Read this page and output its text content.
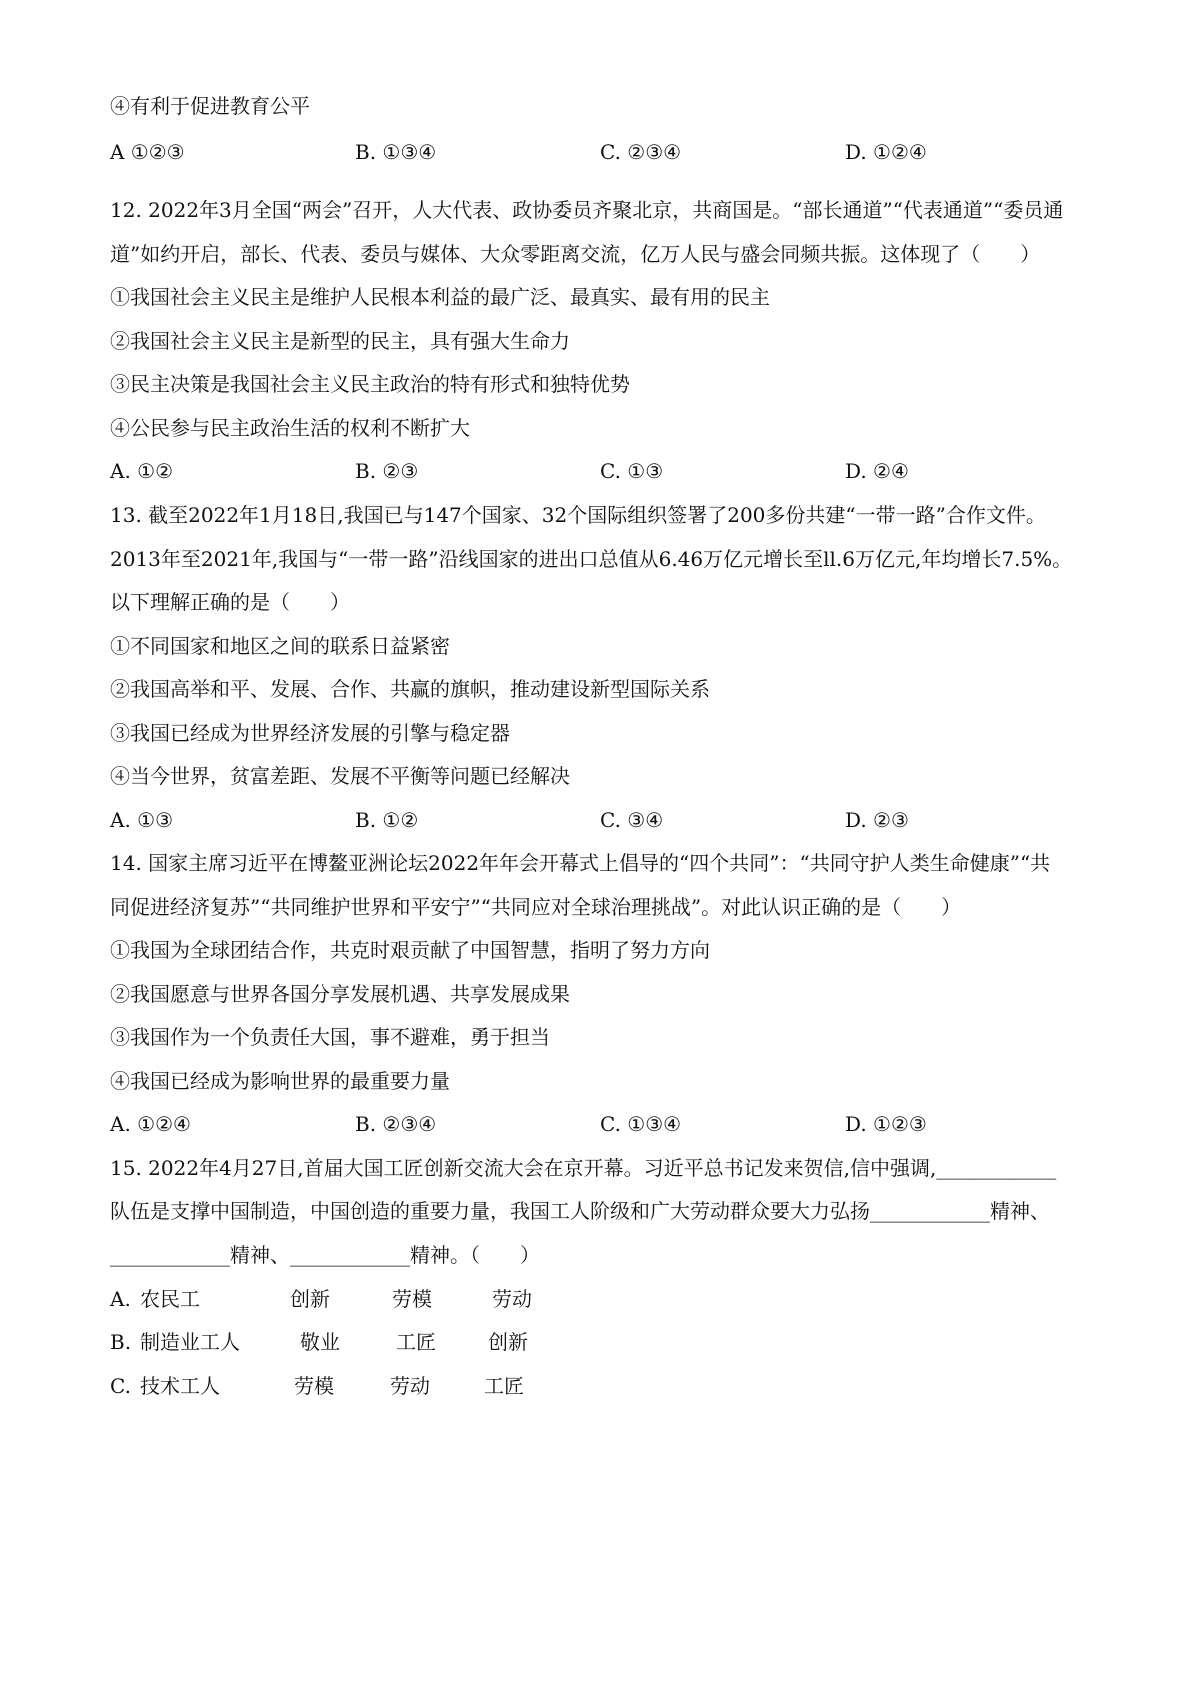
④有利于促进教育公平
A ①②③	B. ①③④	C. ②③④	D. ①②④
12. 2022年3月全国“两会”召开，人大代表、政协委员齐聚北京，共商国是。“部长通道”“代表通道”“委员通
道”如约开启，部长、代表、委员与媒体、大众零距离交流，亿万人民与盛会同频共振。这体现了（　　）
①我国社会主义民主是维护人民根本利益的最广泛、最真实、最有用的民主
②我国社会主义民主是新型的民主，具有强大生命力
③民主决策是我国社会主义民主政治的特有形式和独特优势
④公民参与民主政治生活的权利不断扩大
A. ①②	B. ②③	C. ①③	D. ②④
13. 截至2022年1月18日,我国已与147个国家、32个国际组织签署了200多份共建“一带一路”合作文件。
2013年至2021年,我国与“一带一路”沿线国家的进出口总值从6.46万亿元增长至ll.6万亿元,年均增长7.5%。
以下理解正确的是（　　）
①不同国家和地区之间的联系日益紧密
②我国高举和平、发展、合作、共赢的旗帜，推动建设新型国际关系
③我国已经成为世界经济发展的引擎与稳定器
④当今世界，贫富差距、发展不平衡等问题已经解决
A. ①③	B. ①②	C. ③④	D. ②③
14. 国家主席习近平在博鳌亚洲论坛2022年年会开幕式上倡导的“四个共同”：“共同守护人类生命健康”“共
同促进经济复苏”“共同维护世界和平安宁”“共同应对全球治理挑战”。对此认识正确的是（　　）
①我国为全球团结合作，共克时艰贡献了中国智慧，指明了努力方向
②我国愿意与世界各国分享发展机遇、共享发展成果
③我国作为一个负责任大国，事不避难，勇于担当
④我国已经成为影响世界的最重要力量
A. ①②④	B. ②③④	C. ①③④	D. ①②③
15. 2022年4月27日,首届大国工匠创新交流大会在京开幕。习近平总书记发来贺信,信中强调,____________
队伍是支撑中国制造，中国创造的重要力量，我国工人阶级和广大劳动群众要大力弘扬____________精神、
____________精神、____________精神。（　　）
A. 农民工	创新	劳模	劳动
B. 制造业工人	敬业	工匠	创新
C. 技术工人	劳模	劳动	工匠
